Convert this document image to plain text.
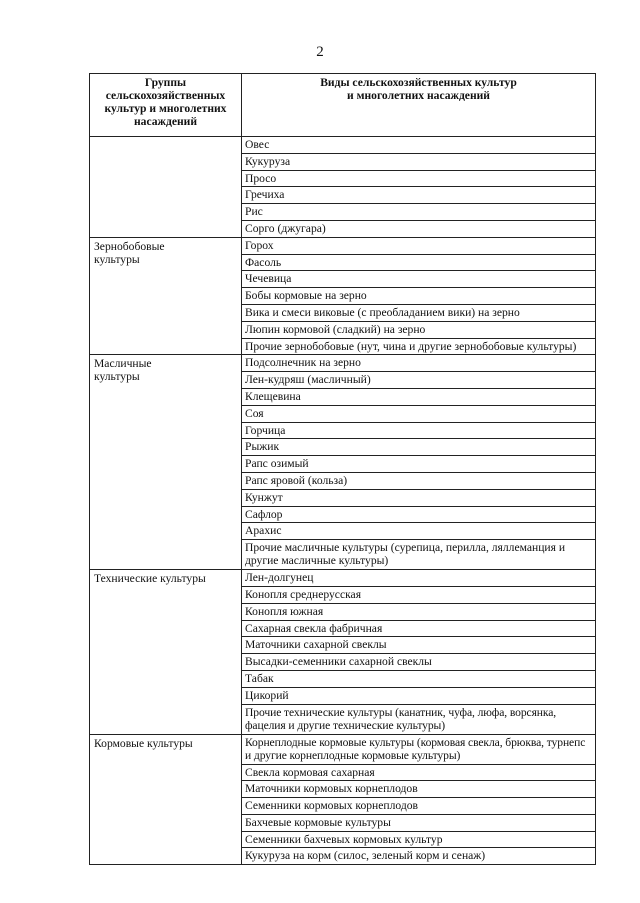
2
Группы
сельскохозяйственных
культур и многолетних
насаждений	Виды сельскохозяйственных культур
и многолетних насаждений
	Овес
	Кукуруза
	Просо
	Гречиха
	Рис
	Сорго (джугара)
Зернобобовые
культуры	Горох
	Фасоль
	Чечевица
	Бобы кормовые на зерно
	Вика и смеси виковые (с преобладанием вики) на зерно
	Люпин кормовой (сладкий) на зерно
	Прочие зернобобовые (нут, чина и другие зернобобовые культуры)
Масличные
культуры	Подсолнечник на зерно
	Лен-кудряш (масличный)
	Клещевина
	Соя
	Горчица
	Рыжик
	Рапс озимый
	Рапс яровой (кольза)
	Кунжут
	Сафлор
	Арахис
	Прочие масличные культуры (сурепица, перилла, ляллеманция и другие масличные культуры)
Технические культуры	Лен-долгунец
	Конопля среднерусская
	Конопля южная
	Сахарная свекла фабричная
	Маточники сахарной свеклы
	Высадки-семенники сахарной свеклы
	Табак
	Цикорий
	Прочие технические культуры (канатник, чуфа, люфа, ворсянка, фацелия и другие технические культуры)
Кормовые культуры	Корнеплодные кормовые культуры (кормовая свекла, брюква, турнепс и другие корнеплодные кормовые культуры)
	Свекла кормовая сахарная
	Маточники кормовых корнеплодов
	Семенники кормовых корнеплодов
	Бахчевые кормовые культуры
	Семенники бахчевых кормовых культур
	Кукуруза на корм (силос, зеленый корм и сенаж)
